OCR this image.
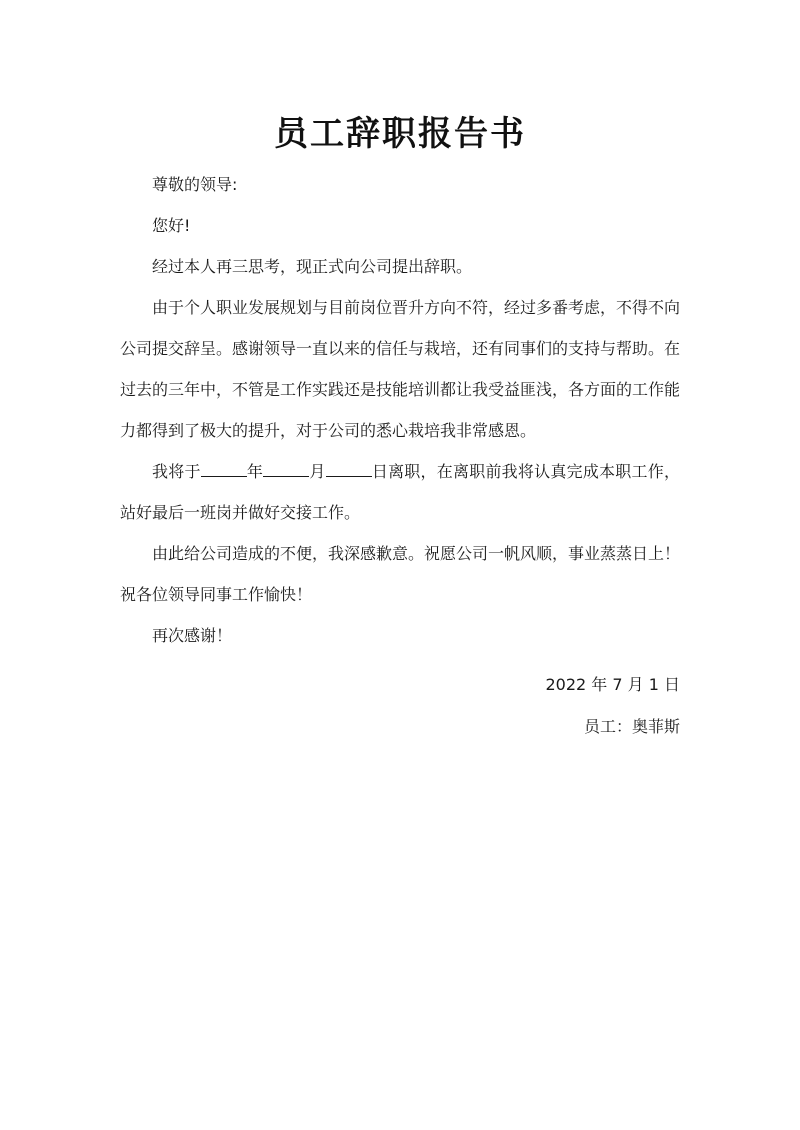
员工辞职报告书

尊敬的领导:

您好!

经过本人再三思考，现正式向公司提出辞职。

由于个人职业发展规划与目前岗位晋升方向不符，经过多番考虑，不得不向公司提交辞呈。感谢领导一直以来的信任与栽培，还有同事们的支持与帮助。在过去的三年中，不管是工作实践还是技能培训都让我受益匪浅，各方面的工作能力都得到了极大的提升，对于公司的悉心栽培我非常感恩。

我将于	年	月	日离职，在离职前我将认真完成本职工作，站好最后一班岗并做好交接工作。

由此给公司造成的不便，我深感歉意。祝愿公司一帆风顺，事业蒸蒸日上！祝各位领导同事工作愉快！

再次感谢！

2022 年 7 月 1 日

员工：奥菲斯
